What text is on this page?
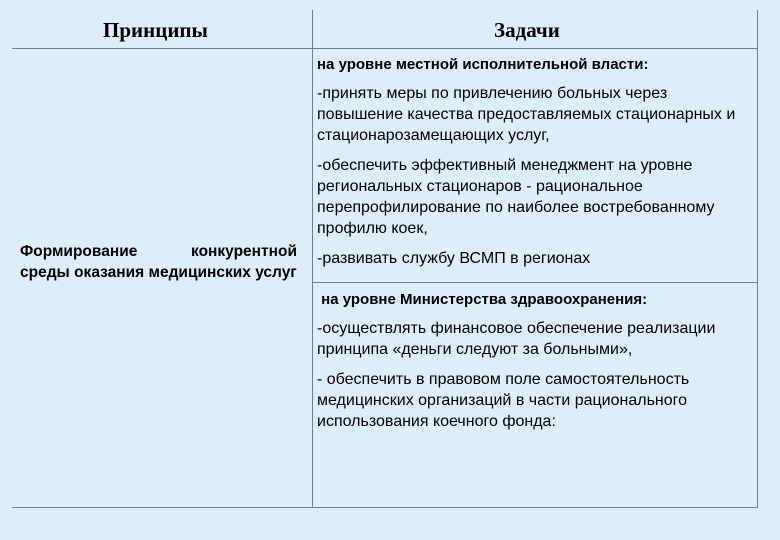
Принципы	Задачи
Формирование конкурентной среды оказания медицинских услуг
на уровне местной исполнительной власти:
-принять меры по привлечению больных через повышение качества предоставляемых стационарных и стационарозамещающих услуг,
-обеспечить эффективный менеджмент на уровне региональных стационаров - рациональное перепрофилирование по наиболее востребованному профилю коек,
-развивать службу ВСМП в регионах
на уровне Министерства здравоохранения:
-осуществлять финансовое обеспечение реализации принципа «деньги следуют за больными»,
- обеспечить в правовом поле самостоятельность медицинских организаций в части рационального использования коечного фонда:
